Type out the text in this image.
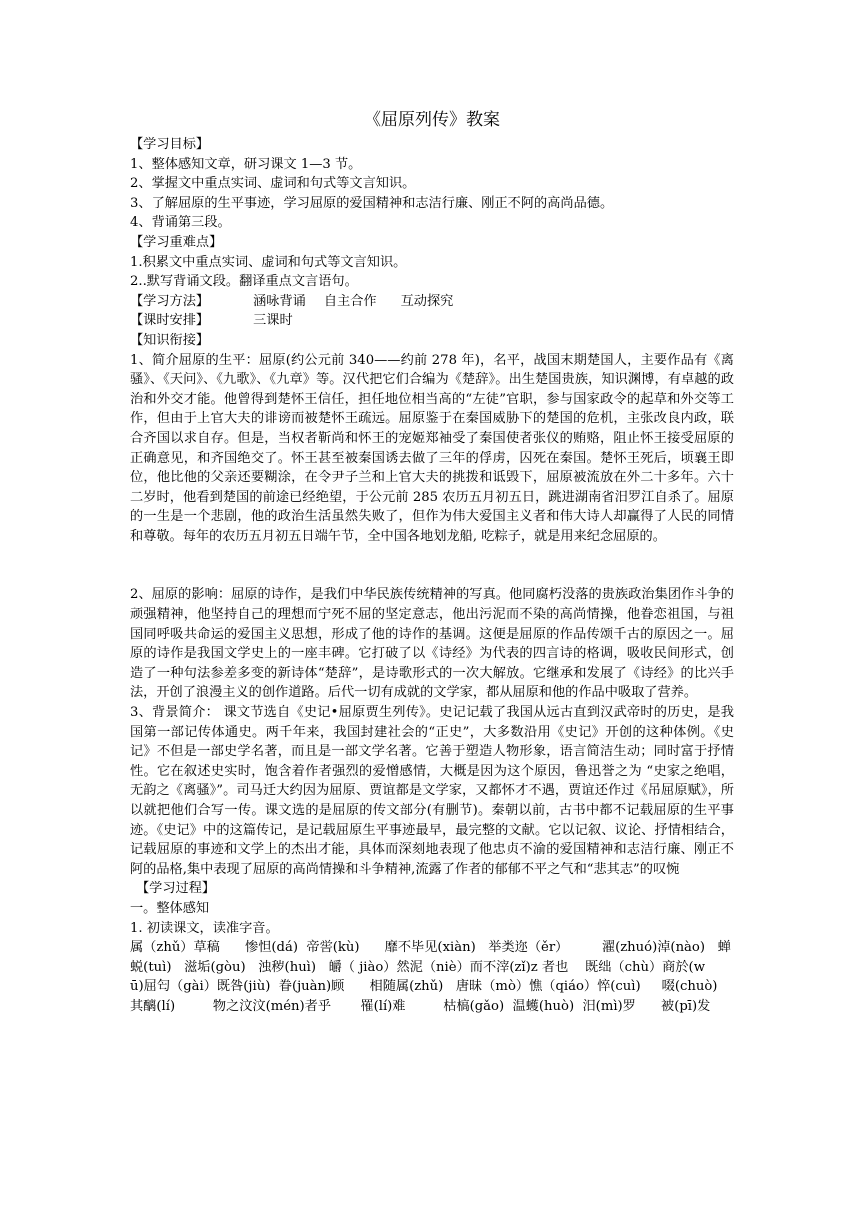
《屈原列传》教案
【学习目标】
1、整体感知文章，研习课文 1—3 节。
2、掌握文中重点实词、虚词和句式等文言知识。
3、了解屈原的生平事迹，学习屈原的爱国精神和志洁行廉、刚正不阿的高尚品德。
4、背诵第三段。
【学习重难点】
1.积累文中重点实词、虚词和句式等文言知识。
2..默写背诵文段。翻译重点文言语句。
【学习方法】	涵咏背诵 自主合作 互动探究
【课时安排】	三课时
【知识衔接】
1、简介屈原的生平：屈原(约公元前 340——约前 278 年)，名平，战国末期楚国人，主要作品有《离骚》、《天问》、《九歌》、《九章》等。汉代把它们合编为《楚辞》。出生楚国贵族，知识渊博，有卓越的政治和外交才能。他曾得到楚怀王信任，担任地位相当高的“左徒”官职，参与国家政令的起草和外交等工作，但由于上官大夫的诽谤而被楚怀王疏远。屈原鉴于在秦国威胁下的楚国的危机，主张改良内政，联合齐国以求自存。但是，当权者靳尚和怀王的宠姬郑袖受了秦国使者张仪的贿赂，阻止怀王接受屈原的正确意见，和齐国绝交了。怀王甚至被秦国诱去做了三年的俘虏，囚死在秦国。楚怀王死后，顷襄王即位，他比他的父亲还要糊涂，在令尹子兰和上官大夫的挑拨和诋毁下，屈原被流放在外二十多年。六十二岁时，他看到楚国的前途已经绝望，于公元前 285 农历五月初五日，跳进湖南省汨罗江自杀了。屈原的一生是一个悲剧，他的政治生活虽然失败了，但作为伟大爱国主义者和伟大诗人却赢得了人民的同情和尊敬。每年的农历五月初五日端午节，全中国各地划龙船, 吃粽子，就是用来纪念屈原的。
2、屈原的影响：屈原的诗作，是我们中华民族传统精神的写真。他同腐朽没落的贵族政治集团作斗争的顽强精神，他坚持自己的理想而宁死不屈的坚定意志，他出污泥而不染的高尚情操，他眷恋祖国，与祖国同呼吸共命运的爱国主义思想，形成了他的诗作的基调。这便是屈原的作品传颂千古的原因之一。屈原的诗作是我国文学史上的一座丰碑。它打破了以《诗经》为代表的四言诗的格调，吸收民间形式，创造了一种句法参差多变的新诗体“楚辞”，是诗歌形式的一次大解放。它继承和发展了《诗经》的比兴手法，开创了浪漫主义的创作道路。后代一切有成就的文学家，都从屈原和他的作品中吸取了营养。
3、背景简介： 课文节选自《史记•屈原贾生列传》。史记记载了我国从远古直到汉武帝时的历史，是我国第一部记传体通史。两千年来，我国封建社会的“正史”，大多数沿用《史记》开创的这种体例。《史记》不但是一部史学名著，而且是一部文学名著。它善于塑造人物形象，语言简洁生动；同时富于抒情性。它在叙述史实时，饱含着作者强烈的爱憎感情，大概是因为这个原因，鲁迅誉之为 “史家之绝唱，无韵之《离骚》”。司马迁大约因为屈原、贾谊都是文学家，又都怀才不遇，贾谊还作过《吊屈原赋》，所以就把他们合写一传。课文选的是屈原的传文部分(有删节)。秦朝以前，古书中都不记载屈原的生平事迹。《史记》中的这篇传记，是记载屈原生平事迹最早，最完整的文献。它以记叙、议论、抒情相结合，记载屈原的事迹和文学上的杰出才能，具体而深刻地表现了他忠贞不渝的爱国精神和志洁行廉、刚正不阿的品格,集中表现了屈原的高尚情操和斗争精神,流露了作者的郁郁不平之气和“悲其志”的叹惋
【学习过程】
一。整体感知
1. 初读课文，读准字音。
属（zhǔ）草稿      惨怛(dá)  帝喾(kù)      靡不毕见(xiàn)   举类迩（ěr）        濯(zhuó)淖(nào)   蝉
蜕(tuì)   滋垢(gòu)   浊秽(huì)   皭（ jiào）然泥（niè）而不滓(zǐ)z 者也    既绌（chù）商於(w
ū)屈匄（gài）既咎(jiù)  眷(juàn)顾      相随属(zhǔ)   唐昧（mò）憔（qiáo）悴(cuì)     啜(chuò)
其醨(lí)         物之汶汶(mén)者乎       罹(lí)难         枯槁(gǎo)  温蠖(huò)  汨(mì)罗      被(pī)发
